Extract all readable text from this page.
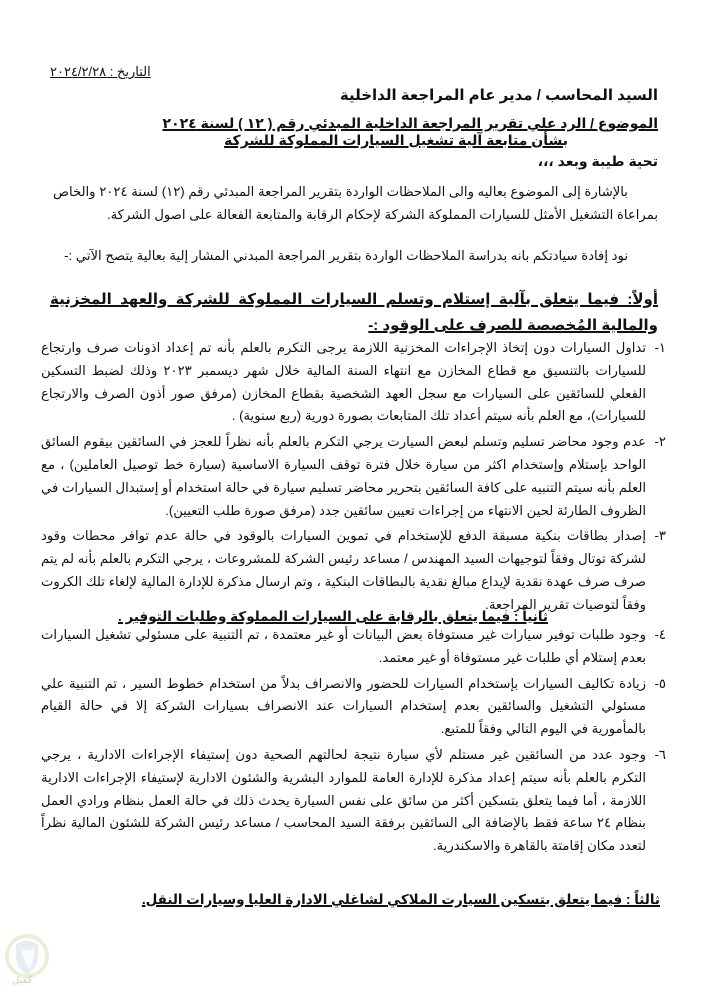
التاريخ : ٢٠٢٤/٢/٢٨
السيد المحاسب / مدير عام المراجعة الداخلية
الموضوع / الرد علي تقرير المراجعة الداخلية المبدئي رقم ( ١٢ ) لسنة ٢٠٢٤
بشأن متابعة آلية تشغيل السيارات المملوكة للشركة
تحية طيبة وبعد ،،،
بالإشارة إلى الموضوع بعاليه والى الملاحظات الواردة بتقرير المراجعة المبدئي رقم (١٢) لسنة ٢٠٢٤ والخاص بمراعاة التشغيل الأمثل للسيارات المملوكة الشركة لإحكام الرقابة والمتابعة الفعالة على اصول الشركة.
نود إفادة سيادتكم بانه بدراسة الملاحظات الواردة بتقرير المراجعة المبدني المشار إلية بعالية يتصح الآتي :-
أولاً: فيما يتعلق بآلية إستلام وتسلم السيارات المملوكة للشركة والعهد المخزنية والمالية المُخصصة للصرف على الوقود :-
١-
تداول السيارات دون إتخاذ الإجراءات المخزنية اللازمة يرجى التكرم بالعلم بأنه تم إعداد اذونات صرف وارتجاع للسيارات بالتنسيق مع قطاع المخازن مع انتهاء السنة المالية خلال شهر ديسمبر ٢٠٢٣ وذلك لضبط التسكين الفعلي للسائقين على السيارات مع سجل العهد الشخصية بقطاع المخازن (مرفق صور أذون الصرف والارتجاع للسيارات)، مع العلم بأنه سيتم أعداد تلك المتابعات بصورة دورية (ربع سنوية) .
٢-
عدم وجود محاضر تسليم وتسلم لبعض السيارت يرجي التكرم بالعلم بأنه نظراً للعجز في السائقين بيقوم السائق الواحد بإستلام وإستخدام اكثر من سيارة خلال فترة توقف السيارة الاساسية (سيارة خط توصيل العاملين) ، مع العلم بأنه سيتم التنبيه على كافة السائقين بتحرير محاضر تسليم سيارة في حالة استخدام أو إستبدال السيارات في الظروف الطارئة لحين الانتهاء من إجراءات تعيين سائقين جدد (مرفق صورة طلب التعيين).
٣-
إصدار بطاقات بنكية مسبقة الدفع للإستخدام في تموين السيارات بالوقود في حالة عدم توافر محطات وقود لشركة توتال وفقاً لتوجيهات السيد المهندس / مساعد رئيس الشركة للمشروعات ، يرجي التكرم بالعلم بأنه لم يتم صرف صرف عهدة نقدية لإيداع مبالغ نقدية بالبطاقات البنكية ، وتم ارسال مذكرة للإدارة المالية لإلغاء تلك الكروت وفقاً لتوصيات تقرير المراجعة.
ثانياً : فيما يتعلق بالرقابة على السيارات المملوكة وطلبات التوفير .
٤-
وجود طلبات توفير سيارات غير مستوفاة بعض البيانات أو غير معتمدة ، تم التنبية على مسئولي تشغيل السيارات بعدم إستلام أي طلبات غير مستوفاة أو غير معتمد.
٥-
زيادة تكاليف السيارات بإستخدام السيارات للحضور والانصراف بدلاً من استخدام خطوط السير ، تم التنبية علي مسئولي التشغيل والسائقين بعدم إستخدام السيارات عند الانصراف بسيارات الشركة إلا في حالة القيام بالمأمورية في اليوم التالي وفقاً للمتبع.
٦-
وجود عدد من السائقين غير مستلم لأي سيارة نتيجة لحالتهم الصحية دون إستيفاء الإجراءات الادارية ، يرجي التكرم بالعلم بأنه سيتم إعداد مذكرة للإدارة العامة للموارد البشرية والشئون الادارية لإستيفاء الإجراءات الادارية اللازمة ، أما فيما يتعلق بتسكين أكثر من سائق على نفس السيارة يحدث ذلك في حالة العمل بنظام ورادي العمل بنظام ٢٤ ساعة فقط بالإضافة الى السائقين برفقة السيد المحاسب / مساعد رئيس الشركة للشئون المالية نظراً لتعدد مكان إقامتة بالقاهرة والاسكندرية.
ثالثاً : فيما يتعلق بتسكين السيارت الملاكي لشاغلي الادارة العليا وسيارات النقل.
كفيل
